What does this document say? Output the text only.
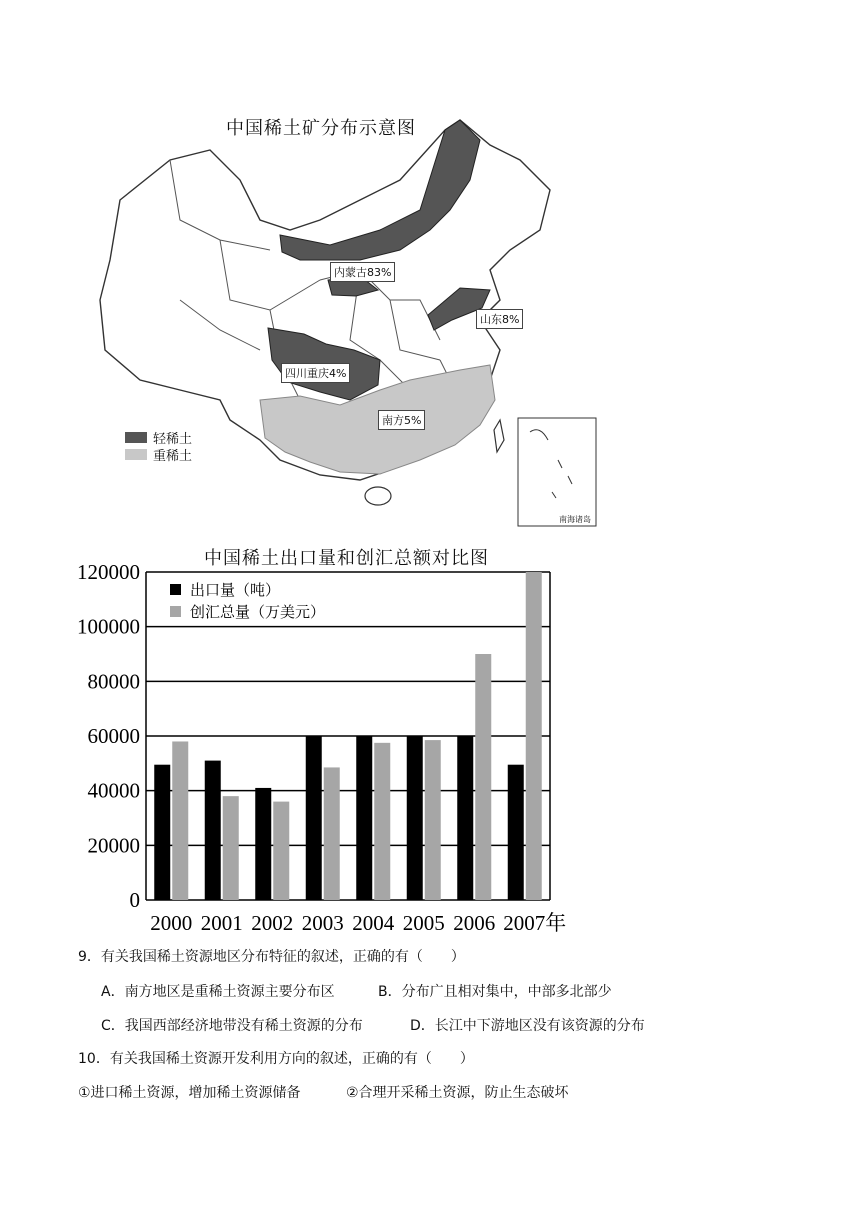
中国稀土矿分布示意图
内蒙古83%
山东8%
四川重庆4%
南方5%
南海诸岛
轻稀土
重稀土
中国稀土出口量和创汇总额对比图
0
20000
40000
60000
80000
100000
120000
2000 2001 2002 2003 2004 2005 2006 2007年
出口量（吨）
创汇总量（万美元）
9．有关我国稀土资源地区分布特征的叙述，正确的有（　　）
A．南方地区是重稀土资源主要分布区	B．分布广且相对集中，中部多北部少
C．我国西部经济地带没有稀土资源的分布	D．长江中下游地区没有该资源的分布
10．有关我国稀土资源开发利用方向的叙述，正确的有（　　）
①进口稀土资源，增加稀土资源储备	②合理开采稀土资源，防止生态破坏
